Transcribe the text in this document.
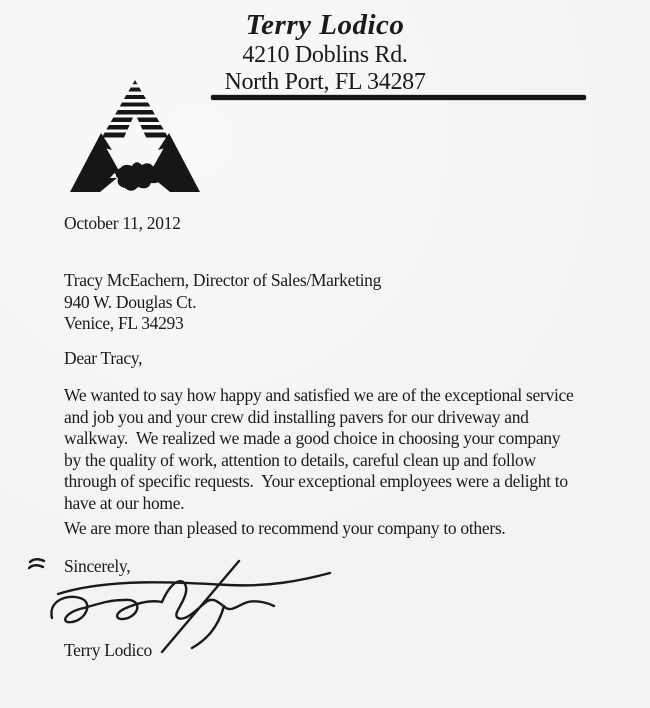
Terry Lodico
4210 Doblins Rd.
North Port, FL 34287
October 11, 2012
Tracy McEachern, Director of Sales/Marketing
940 W. Douglas Ct.
Venice, FL 34293
Dear Tracy,
We wanted to say how happy and satisfied we are of the exceptional service
and job you and your crew did installing pavers for our driveway and
walkway.  We realized we made a good choice in choosing your company
by the quality of work, attention to details, careful clean up and follow
through of specific requests.  Your exceptional employees were a delight to
have at our home.
We are more than pleased to recommend your company to others.
Sincerely,
Terry Lodico
